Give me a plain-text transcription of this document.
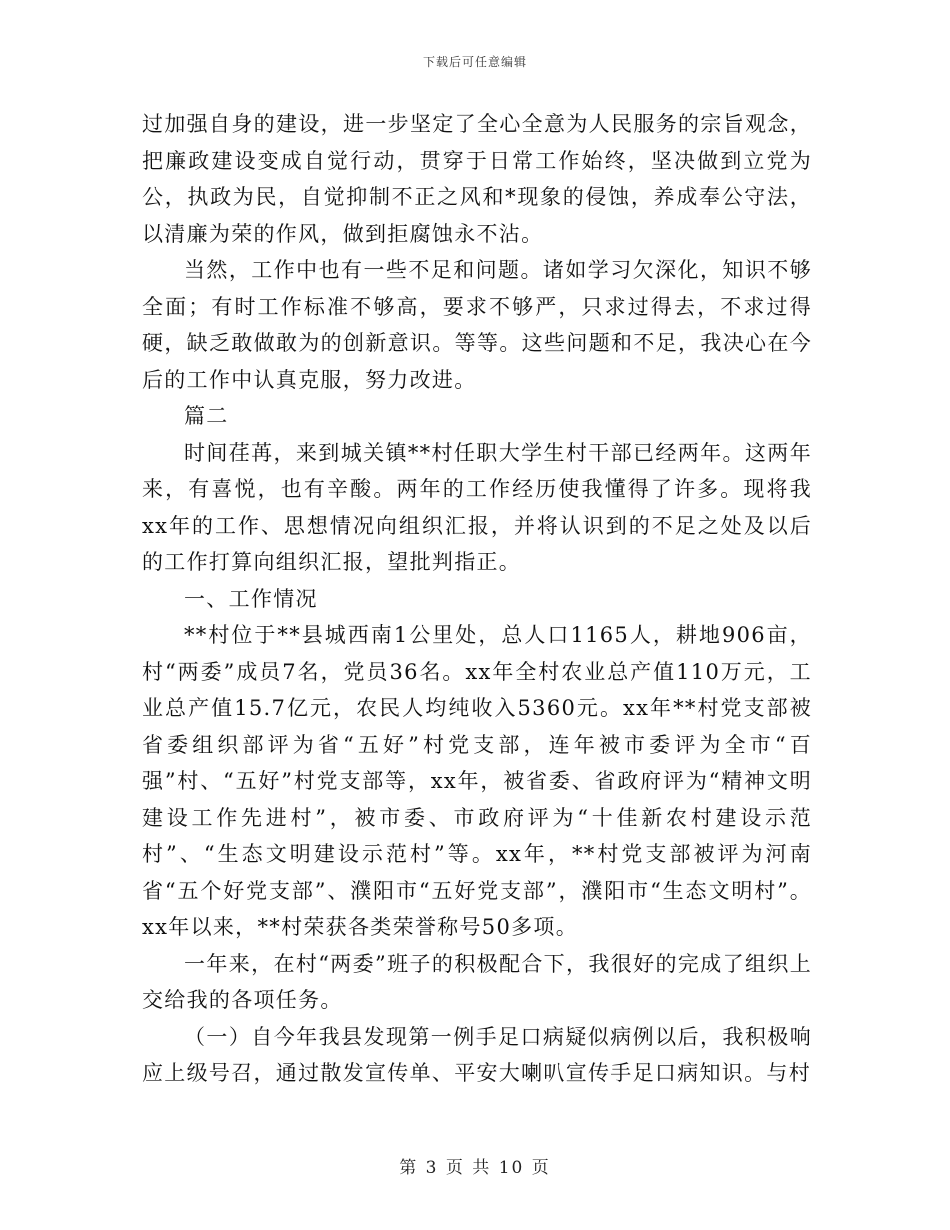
下载后可任意编辑

过加强自身的建设，进一步坚定了全心全意为人民服务的宗旨观念，把廉政建设变成自觉行动，贯穿于日常工作始终，坚决做到立党为公，执政为民，自觉抑制不正之风和*现象的侵蚀，养成奉公守法，以清廉为荣的作风，做到拒腐蚀永不沾。

当然，工作中也有一些不足和问题。诸如学习欠深化，知识不够全面；有时工作标准不够高，要求不够严，只求过得去，不求过得硬，缺乏敢做敢为的创新意识。等等。这些问题和不足，我决心在今后的工作中认真克服，努力改进。

篇二

时间荏苒，来到城关镇**村任职大学生村干部已经两年。这两年来，有喜悦，也有辛酸。两年的工作经历使我懂得了许多。现将我xx年的工作、思想情况向组织汇报，并将认识到的不足之处及以后的工作打算向组织汇报，望批判指正。

一、工作情况

**村位于**县城西南1公里处，总人口1165人，耕地906亩，村“两委”成员7名，党员36名。xx年全村农业总产值110万元，工业总产值15.7亿元，农民人均纯收入5360元。xx年**村党支部被省委组织部评为省“五好”村党支部，连年被市委评为全市“百强”村、“五好”村党支部等，xx年，被省委、省政府评为“精神文明建设工作先进村”，被市委、市政府评为“十佳新农村建设示范村”、“生态文明建设示范村”等。xx年，**村党支部被评为河南省“五个好党支部”、濮阳市“五好党支部”，濮阳市“生态文明村”。xx年以来，**村荣获各类荣誉称号50多项。

一年来，在村“两委”班子的积极配合下，我很好的完成了组织上交给我的各项任务。

（一）自今年我县发现第一例手足口病疑似病例以后，我积极响应上级号召，通过散发宣传单、平安大喇叭宣传手足口病知识。与村

第 3 页 共 10 页
